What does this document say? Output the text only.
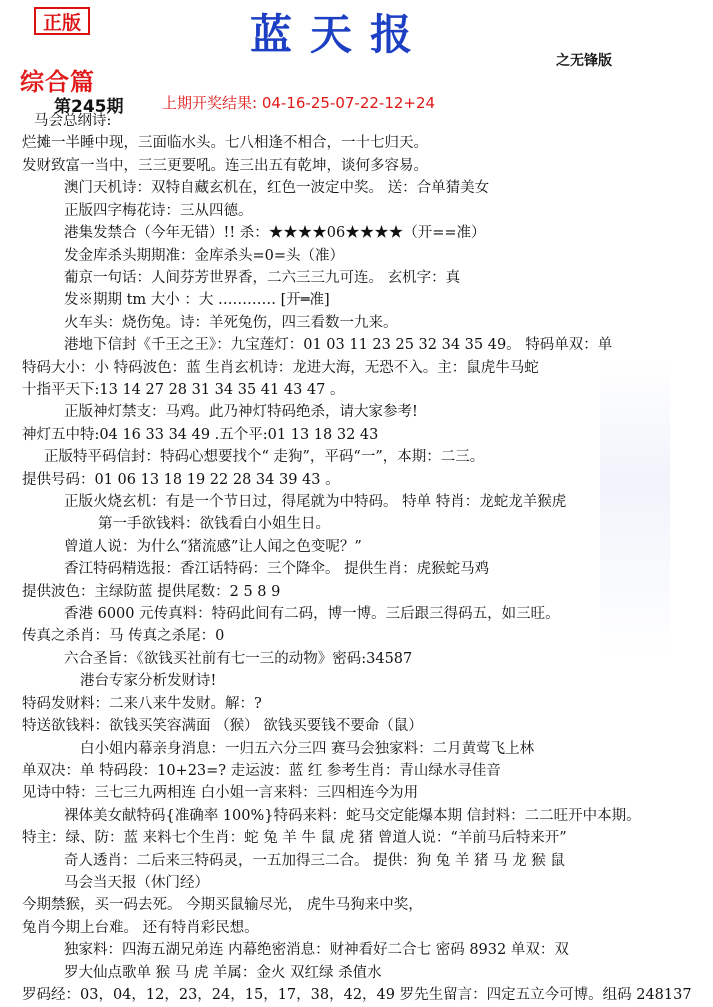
正版	蓝天报
之无锋版
综合篇
第245期	上期开奖结果: 04-16-25-07-22-12+24
马会总纲诗:
烂摊一半睡中现，三面临水头。七八相逢不相合，一十七归天。
发财致富一当中，三三更要吼。连三出五有乾坤，谈何多容易。
澳门天机诗：双特自藏玄机在，红色一波定中奖。 送：合单猜美女
正版四字梅花诗：三从四德。
港集发禁合（今年无错）!! 杀：★★★★06★★★★（开==准）
发金库杀头期期准：金库杀头=0=头（准）
葡京一句话：人间芬芳世界香，二六三三九可连。 玄机字：真
发※期期 tm 大小 ：大 ………… [开═准]
火车头：烧伤兔。诗：羊死兔伤，四三看数一九来。
港地下信封《千王之王》：九宝莲灯：01 03 11 23 25 32 34 35 49。 特码单双：单
特码大小：小 特码波色：蓝 生肖玄机诗：龙进大海，无恐不入。主：鼠虎牛马蛇
十指平天下:13 14 27 28 31 34 35 41 43 47 。
正版神灯禁支：马鸡。此乃神灯特码绝杀，请大家参考!
神灯五中特:04 16 33 34 49 .五个平:01 13 18 32 43
正版特平码信封：特码心想要找个“ 走狗”，平码“一”，本期：二三。
提供号码：01 06 13 18 19 22 28 34 39 43 。
正版火烧玄机：有是一个节日过，得尾就为中特码。 特单 特肖：龙蛇龙羊猴虎
第一手欲钱料：欲钱看白小姐生日。
曾道人说：为什么“猪流感”让人闻之色变呢？”
香江特码精选报：香江话特码：三个降伞。 提供生肖：虎猴蛇马鸡
提供波色：主绿防蓝 提供尾数：2 5 8 9
香港 6000 元传真料：特码此间有二码，博一博。三后跟三得码五，如三旺。
传真之杀肖：马 传真之杀尾：0
六合圣旨：《欲钱买社前有七一三的动物》密码:34587
港台专家分析发财诗!
特码发财料：二来八来牛发财。解：?
特送欲钱料：欲钱买笑容满面 （猴） 欲钱买要钱不要命（鼠）
白小姐内幕亲身消息：一归五六分三四 赛马会独家料：二月黄莺飞上林
单双决：单 特码段：10+23=? 走运波：蓝 红 参考生肖：青山绿水寻佳音
见诗中特：三七三九两相连 白小姐一言来料：三四相连今为用
裸体美女献特码{准确率 100%}特码来料：蛇马交定能爆本期 信封料：二二旺开中本期。
特主：绿、防：蓝 来料七个生肖：蛇 兔 羊 牛 鼠 虎 猪 曾道人说：“羊前马后特来开”
奇人透肖：二后来三特码灵，一五加得三二合。 提供：狗 兔 羊 猪 马 龙 猴 鼠
马会当天报（休门经）
今期禁猴，买一码去死。 今期买鼠输尽光， 虎牛马狗来中奖，
兔肖今期上台难。 还有特肖彩民想。
独家料：四海五湖兄弟连 内幕绝密消息：财神看好二合七 密码 8932 单双：双
罗大仙点歌单 猴 马 虎 羊属：金火 双红绿 杀值水
罗码经：03，04，12，23，24，15，17，38，42，49 罗先生留言：四定五立今可博。组码 248137
